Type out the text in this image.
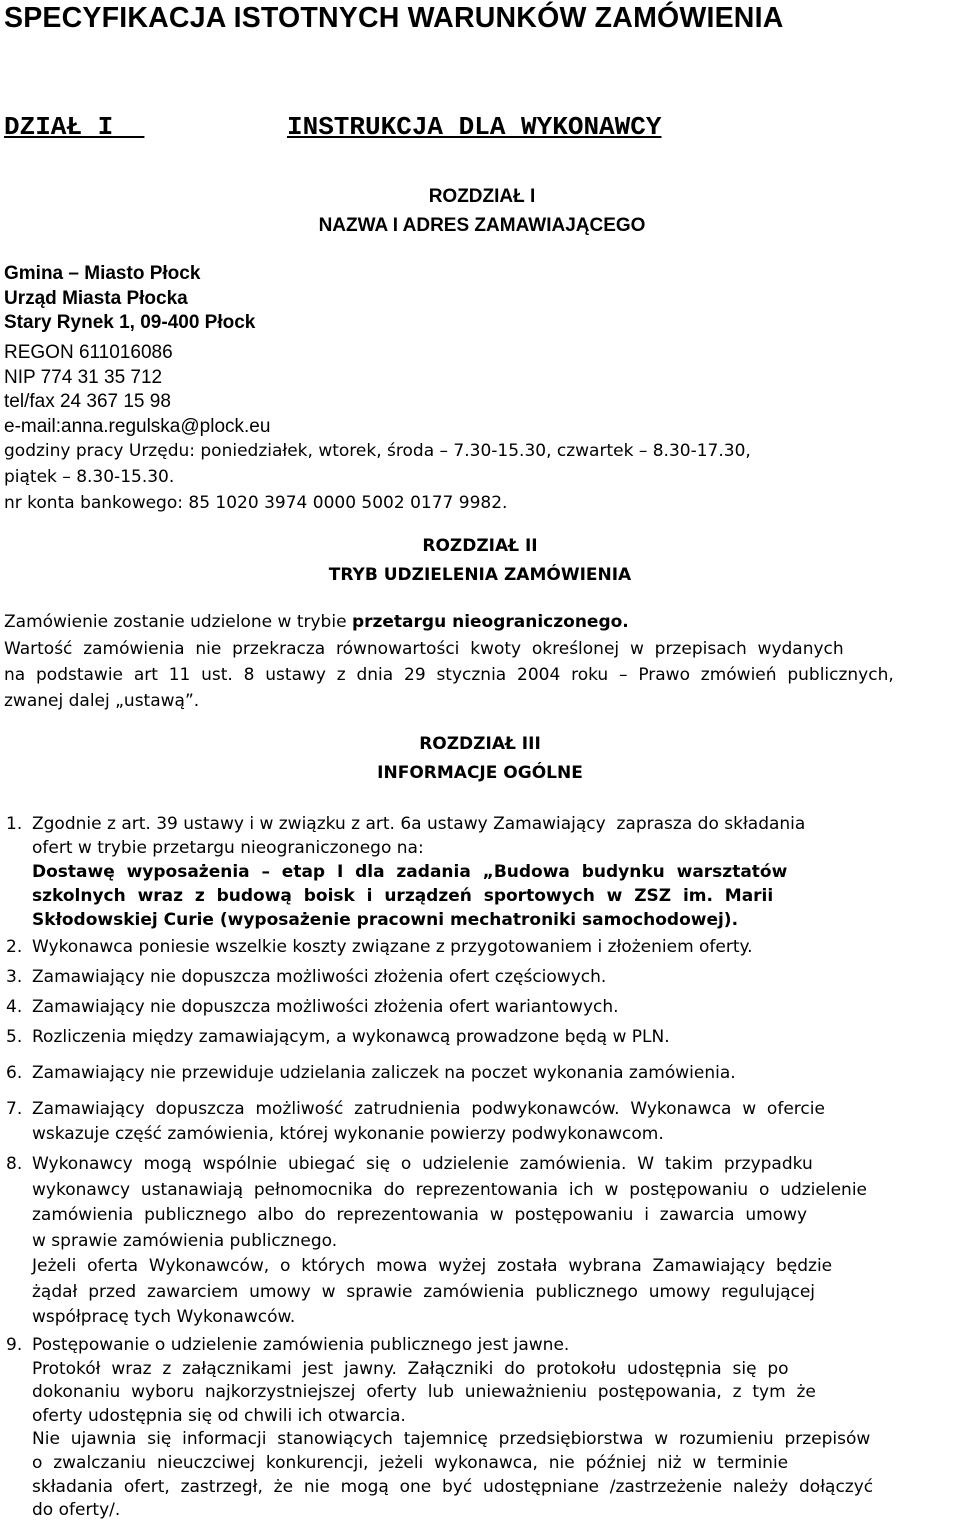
SPECYFIKACJA ISTOTNYCH WARUNKÓW ZAMÓWIENIA
DZIAŁ I	INSTRUKCJA DLA WYKONAWCY
ROZDZIAŁ I
NAZWA I ADRES ZAMAWIAJĄCEGO
Gmina – Miasto Płock
Urząd Miasta Płocka
Stary Rynek 1, 09-400 Płock
REGON 611016086
NIP 774 31 35 712
tel/fax 24 367 15 98
e-mail:anna.regulska@plock.eu
godziny pracy Urzędu: poniedziałek, wtorek, środa – 7.30-15.30, czwartek – 8.30-17.30,
piątek – 8.30-15.30.
nr konta bankowego: 85 1020 3974 0000 5002 0177 9982.
ROZDZIAŁ II
TRYB UDZIELENIA ZAMÓWIENIA
Zamówienie zostanie udzielone w trybie przetargu nieograniczonego.
Wartość  zamówienia  nie  przekracza  równowartości  kwoty  określonej  w  przepisach  wydanych
na  podstawie  art  11  ust.  8  ustawy  z  dnia  29  stycznia  2004  roku  –  Prawo  zmówień  publicznych,
zwanej dalej „ustawą”.
ROZDZIAŁ III
INFORMACJE OGÓLNE
1. Zgodnie z art. 39 ustawy i w związku z art. 6a ustawy Zamawiający  zaprasza do składania
ofert w trybie przetargu nieograniczonego na:
Dostawę  wyposażenia  –  etap  I  dla  zadania  „Budowa  budynku  warsztatów
szkolnych  wraz  z  budową  boisk  i  urządzeń  sportowych  w  ZSZ  im.  Marii
Skłodowskiej Curie (wyposażenie pracowni mechatroniki samochodowej).
2. Wykonawca poniesie wszelkie koszty związane z przygotowaniem i złożeniem oferty.
3. Zamawiający nie dopuszcza możliwości złożenia ofert częściowych.
4. Zamawiający nie dopuszcza możliwości złożenia ofert wariantowych.
5. Rozliczenia między zamawiającym, a wykonawcą prowadzone będą w PLN.
6. Zamawiający nie przewiduje udzielania zaliczek na poczet wykonania zamówienia.
7. Zamawiający  dopuszcza  możliwość  zatrudnienia  podwykonawców.  Wykonawca  w  ofercie
wskazuje część zamówienia, której wykonanie powierzy podwykonawcom.
8. Wykonawcy  mogą  wspólnie  ubiegać  się  o  udzielenie  zamówienia.  W  takim  przypadku
wykonawcy  ustanawiają  pełnomocnika  do  reprezentowania  ich  w  postępowaniu  o  udzielenie
zamówienia  publicznego  albo  do  reprezentowania  w  postępowaniu  i  zawarcia  umowy
w sprawie zamówienia publicznego.
Jeżeli  oferta  Wykonawców,  o  których  mowa  wyżej  została  wybrana  Zamawiający  będzie
żądał  przed  zawarciem  umowy  w  sprawie  zamówienia  publicznego  umowy  regulującej
współpracę tych Wykonawców.
9. Postępowanie o udzielenie zamówienia publicznego jest jawne.
Protokół  wraz  z  załącznikami  jest  jawny.  Załączniki  do  protokołu  udostępnia  się  po
dokonaniu  wyboru  najkorzystniejszej  oferty  lub  unieważnieniu  postępowania,  z  tym  że
oferty udostępnia się od chwili ich otwarcia.
Nie  ujawnia  się  informacji  stanowiących  tajemnicę  przedsiębiorstwa  w  rozumieniu  przepisów
o  zwalczaniu  nieuczciwej  konkurencji,  jeżeli  wykonawca,  nie  później  niż  w  terminie
składania  ofert,  zastrzegł,  że  nie  mogą  one  być  udostępniane  /zastrzeżenie  należy  dołączyć
do oferty/.
